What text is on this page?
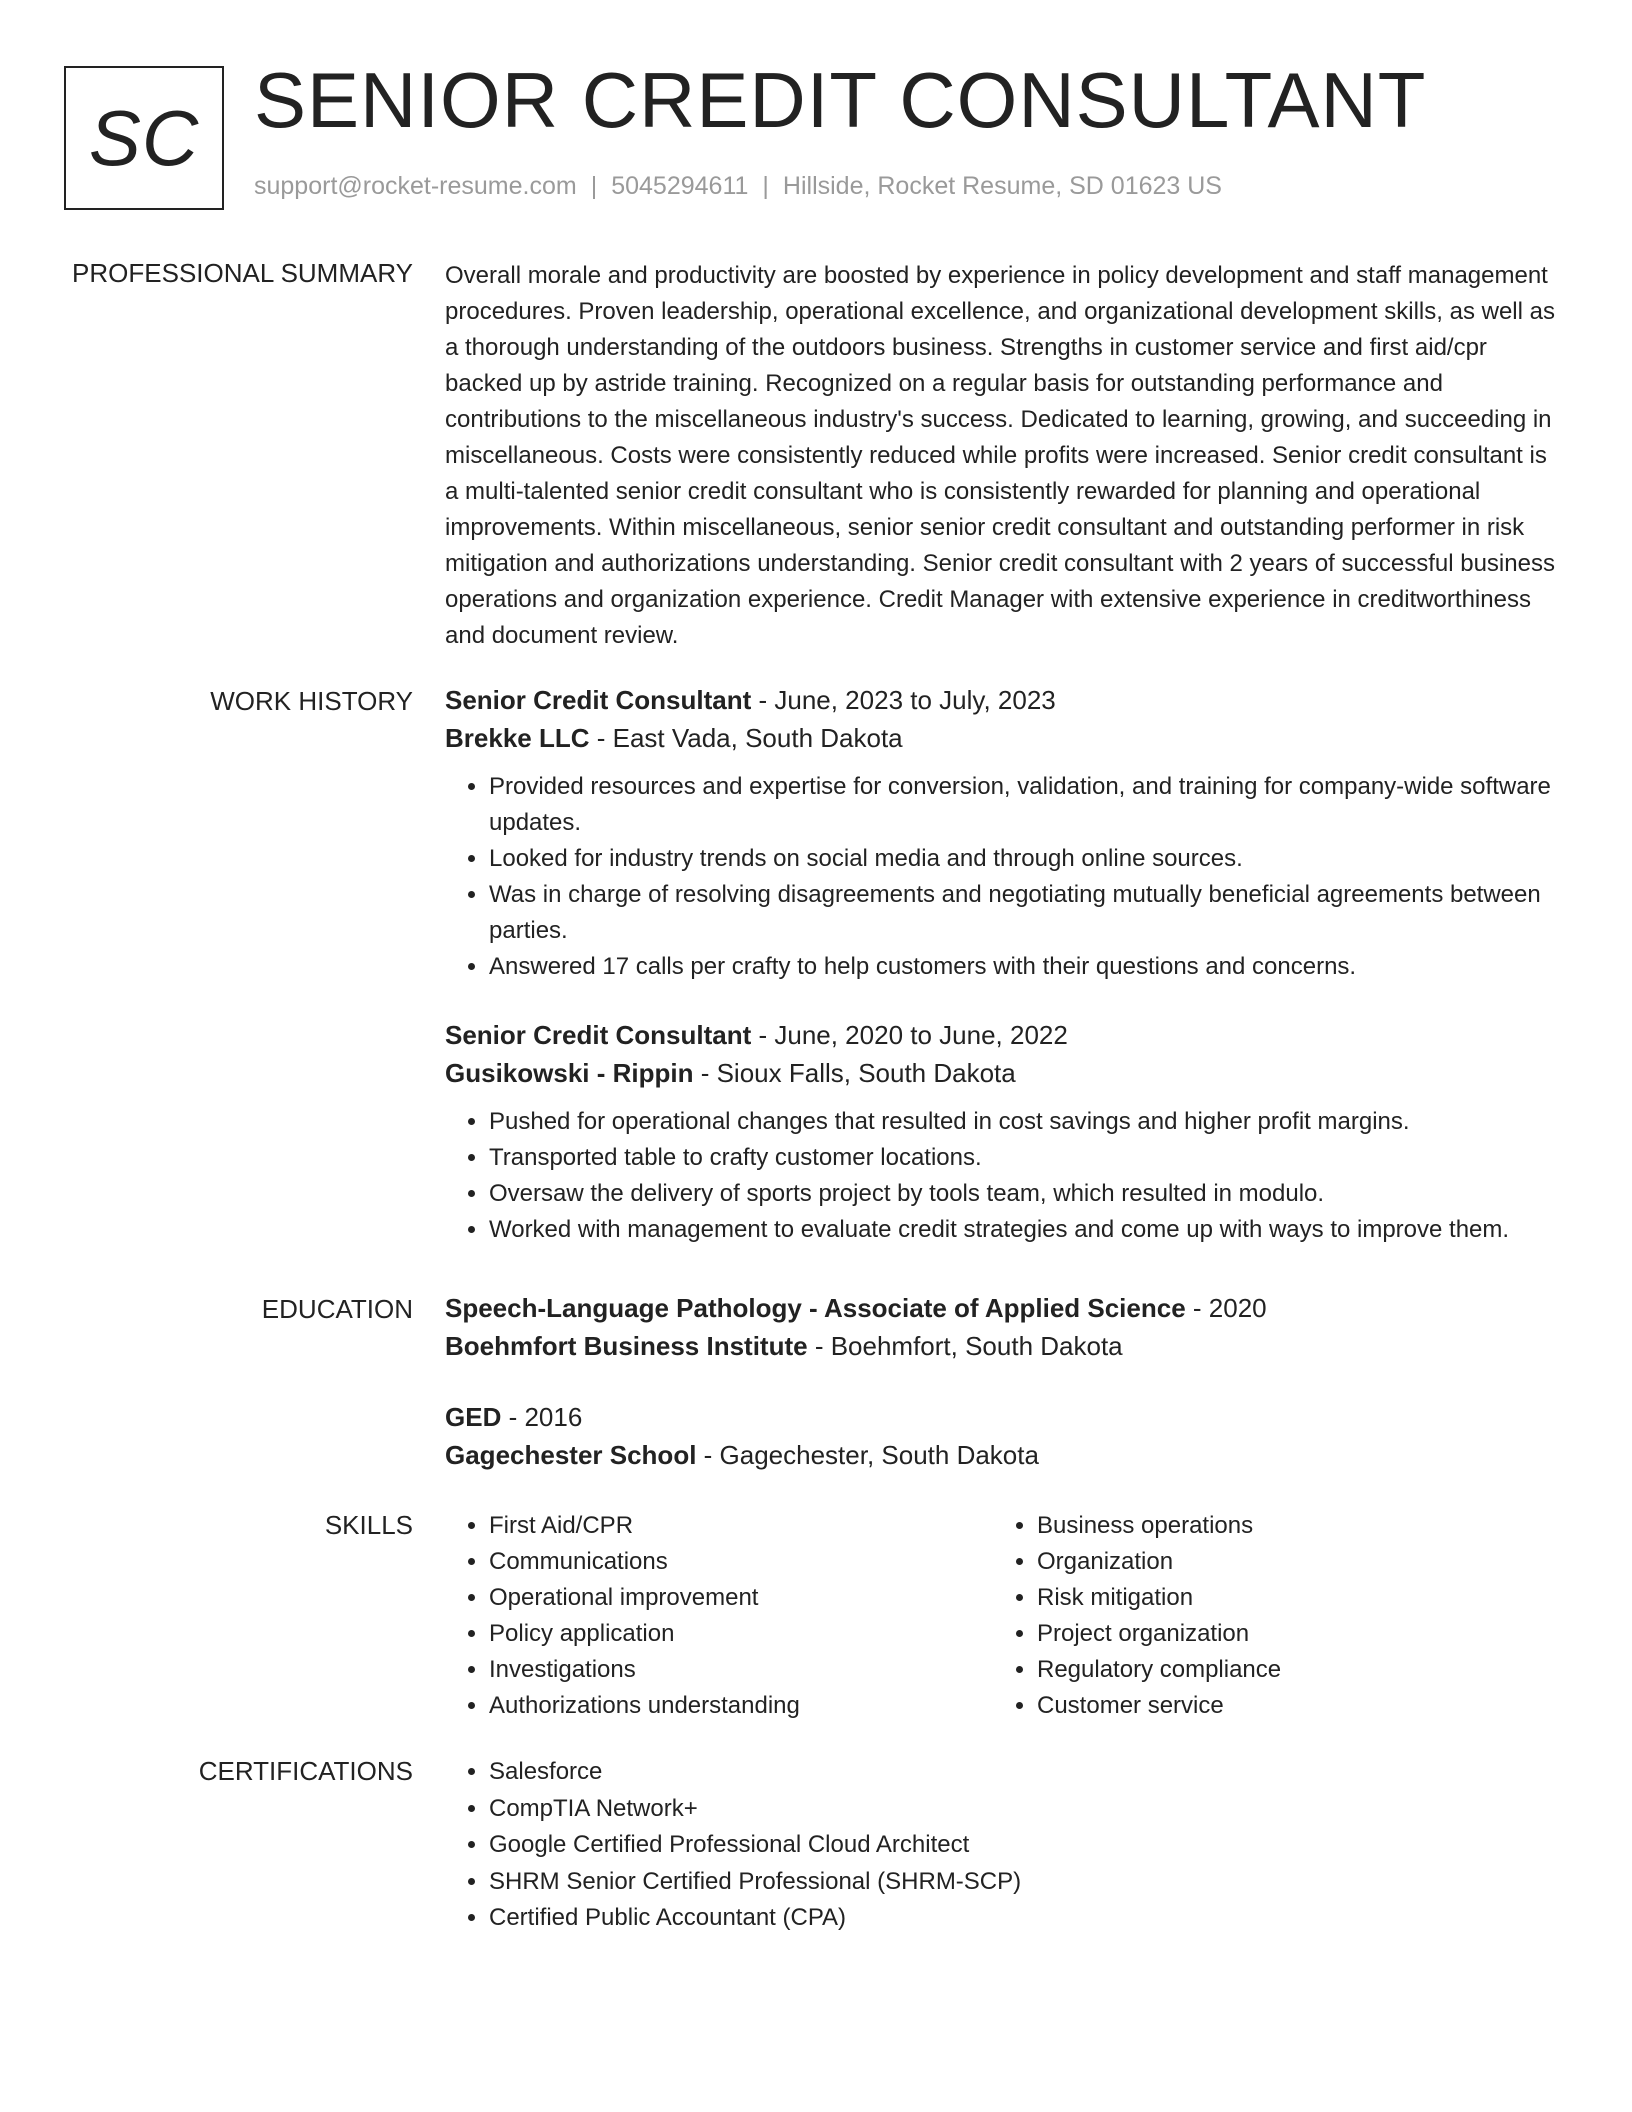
SC SENIOR CREDIT CONSULTANT
support@rocket-resume.com | 5045294611 | Hillside, Rocket Resume, SD 01623 US
PROFESSIONAL SUMMARY Overall morale and productivity are boosted by experience in policy development and staff management procedures. Proven leadership, operational excellence, and organizational development skills, as well as a thorough understanding of the outdoors business. Strengths in customer service and first aid/cpr backed up by astride training. Recognized on a regular basis for outstanding performance and contributions to the miscellaneous industry's success. Dedicated to learning, growing, and succeeding in miscellaneous. Costs were consistently reduced while profits were increased. Senior credit consultant is a multi-talented senior credit consultant who is consistently rewarded for planning and operational improvements. Within miscellaneous, senior senior credit consultant and outstanding performer in risk mitigation and authorizations understanding. Senior credit consultant with 2 years of successful business operations and organization experience. Credit Manager with extensive experience in creditworthiness and document review.

WORK HISTORY Senior Credit Consultant - June, 2023 to July, 2023
Brekke LLC - East Vada, South Dakota
• Provided resources and expertise for conversion, validation, and training for company-wide software updates.
• Looked for industry trends on social media and through online sources.
• Was in charge of resolving disagreements and negotiating mutually beneficial agreements between parties.
• Answered 17 calls per crafty to help customers with their questions and concerns.
Senior Credit Consultant - June, 2020 to June, 2022
Gusikowski - Rippin - Sioux Falls, South Dakota
• Pushed for operational changes that resulted in cost savings and higher profit margins.
• Transported table to crafty customer locations.
• Oversaw the delivery of sports project by tools team, which resulted in modulo.
• Worked with management to evaluate credit strategies and come up with ways to improve them.
EDUCATION Speech-Language Pathology - Associate of Applied Science - 2020
Boehmfort Business Institute - Boehmfort, South Dakota
GED - 2016
Gagechester School - Gagechester, South Dakota
SKILLS	• First Aid/CPR
• Communications
• Operational improvement
• Policy application
• Investigations
• Authorizations understanding
• Business operations
• Organization
• Risk mitigation
• Project organization
• Regulatory compliance
• Customer service
CERTIFICATIONS	• Salesforce
• CompTIA Network+
• Google Certified Professional Cloud Architect
• SHRM Senior Certified Professional (SHRM-SCP)
• Certified Public Accountant (CPA)
